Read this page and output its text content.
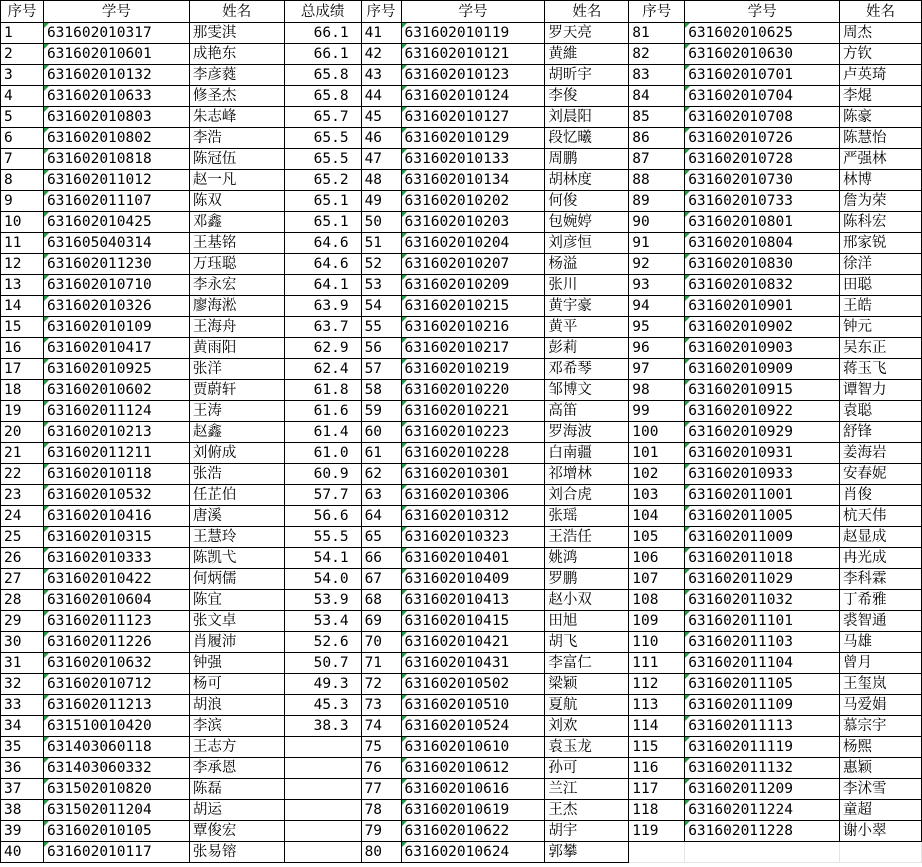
序号	学号	姓名	总成绩	序号	学号	姓名	序号	学号	姓名
1	631602010317	那雯淇	66.1	41	631602010119	罗天亮	81	631602010625	周杰
2	631602010601	成艳东	66.1	42	631602010121	黄維	82	631602010630	方钦
3	631602010132	李彦蕤	65.8	43	631602010123	胡昕宇	83	631602010701	卢英琦
4	631602010633	修圣杰	65.8	44	631602010124	李俊	84	631602010704	李焜
5	631602010803	朱志峰	65.7	45	631602010127	刘晨阳	85	631602010708	陈豪
6	631602010802	李浩	65.5	46	631602010129	段忆曦	86	631602010726	陈慧怡
7	631602010818	陈冠伍	65.5	47	631602010133	周鹏	87	631602010728	严强林
8	631602011012	赵一凡	65.2	48	631602010134	胡林度	88	631602010730	林博
9	631602011107	陈双	65.1	49	631602010202	何俊	89	631602010733	詹为荣
10	631602010425	邓鑫	65.1	50	631602010203	包婉婷	90	631602010801	陈科宏
11	631605040314	王基铭	64.6	51	631602010204	刘彦恒	91	631602010804	邢家锐
12	631602011230	万珏聪	64.6	52	631602010207	杨溢	92	631602010830	徐洋
13	631602010710	李永宏	64.1	53	631602010209	张川	93	631602010832	田聪
14	631602010326	廖海淞	63.9	54	631602010215	黄宇豪	94	631602010901	王皓
15	631602010109	王海舟	63.7	55	631602010216	黄平	95	631602010902	钟元
16	631602010417	黄雨阳	62.9	56	631602010217	彭莉	96	631602010903	吴东正
17	631602010925	张洋	62.4	57	631602010219	邓希琴	97	631602010909	蒋玉飞
18	631602010602	贾蔚轩	61.8	58	631602010220	邹博文	98	631602010915	谭智力
19	631602011124	王涛	61.6	59	631602010221	高笛	99	631602010922	袁聪
20	631602010213	赵鑫	61.4	60	631602010223	罗海波	100	631602010929	舒锋
21	631602011211	刘俯成	61.0	61	631602010228	白南疆	101	631602010931	姜海岩
22	631602010118	张浩	60.9	62	631602010301	祁增林	102	631602010933	安春妮
23	631602010532	任芷伯	57.7	63	631602010306	刘合虎	103	631602011001	肖俊
24	631602010416	唐溪	56.6	64	631602010312	张瑶	104	631602011005	杭天伟
25	631602010315	王慧玲	55.5	65	631602010323	王浩任	105	631602011009	赵显成
26	631602010333	陈凯弋	54.1	66	631602010401	姚鸿	106	631602011018	冉光成
27	631602010422	何炳儒	54.0	67	631602010409	罗鹏	107	631602011029	李科霖
28	631602010604	陈宜	53.9	68	631602010413	赵小双	108	631602011032	丁希雅
29	631602011123	张文卓	53.4	69	631602010415	田旭	109	631602011101	裘智通
30	631602011226	肖履沛	52.6	70	631602010421	胡飞	110	631602011103	马雄
31	631602010632	钟强	50.7	71	631602010431	李富仁	111	631602011104	曾月
32	631602010712	杨可	49.3	72	631602010502	梁颖	112	631602011105	王玺岚
33	631602011213	胡浪	45.3	73	631602010510	夏航	113	631602011109	马爱娟
34	631510010420	李滨	38.3	74	631602010524	刘欢	114	631602011113	慕宗宇
35	631403060118	王志方		75	631602010610	袁玉龙	115	631602011119	杨熙
36	631403060332	李承恩		76	631602010612	孙可	116	631602011132	惠颖
37	631502010820	陈磊		77	631602010616	兰江	117	631602011209	李沭雪
38	631502011204	胡运		78	631602010619	王杰	118	631602011224	童超
39	631602010105	覃俊宏		79	631602010622	胡宇	119	631602011228	谢小翠
40	631602010117	张易镕		80	631602010624	郭攀			
